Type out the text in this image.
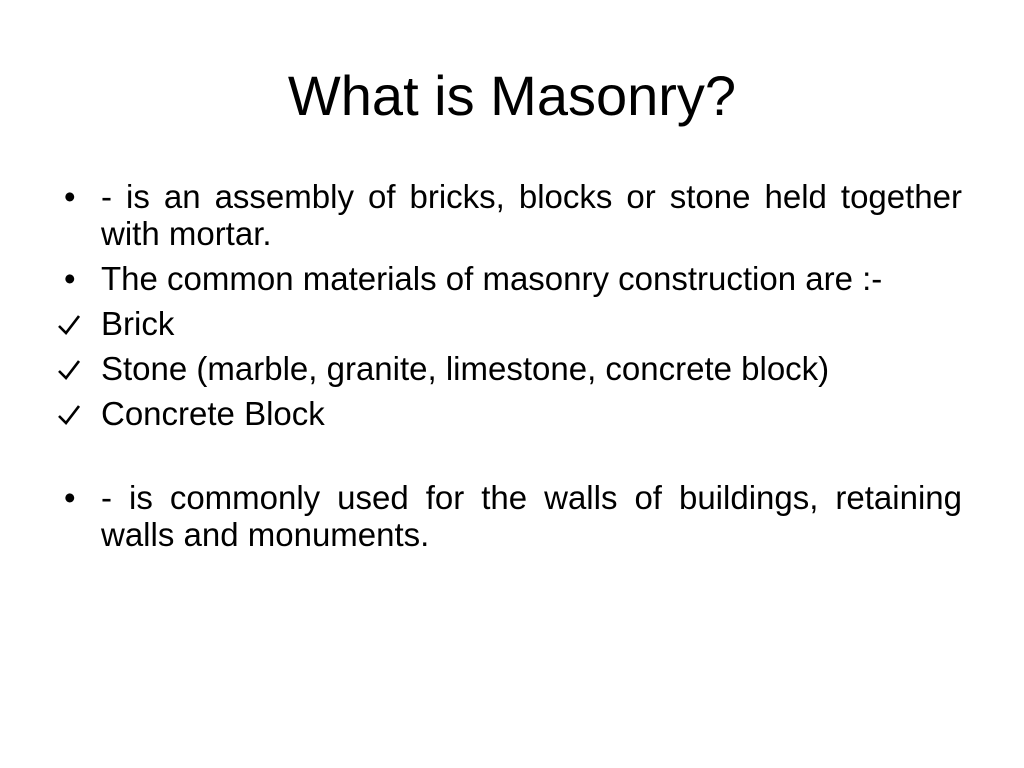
What is Masonry?
• - is an assembly of bricks, blocks or stone held together with mortar.
• The common materials of masonry construction are :-
Brick
Stone (marble, granite, limestone, concrete block)
Concrete Block
• - is commonly used for the walls of buildings, retaining walls and monuments.
